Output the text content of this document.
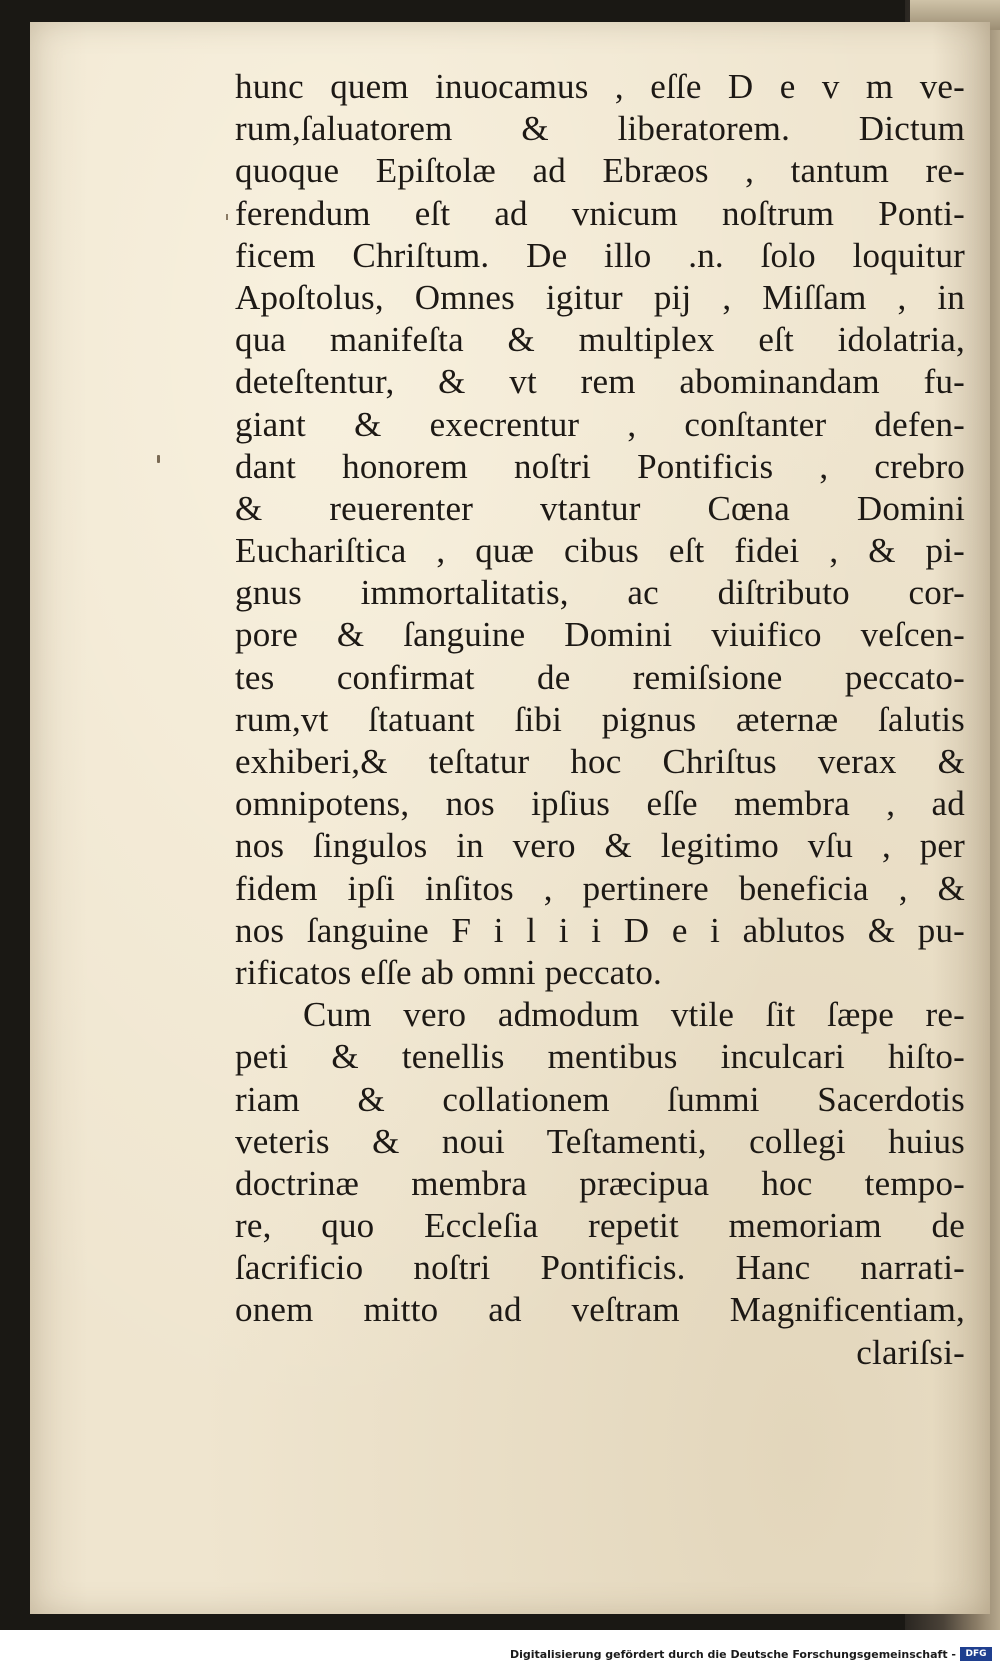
hunc quem inuocamus , eſſe D e v m ve-
rum,ſaluatorem & liberatorem. Dictum
quoque Epiſtolæ ad Ebræos , tantum re-
ferendum eſt ad vnicum noſtrum Ponti-
ficem Chriſtum. De illo .n. ſolo loquitur
Apoſtolus, Omnes igitur pij , Miſſam , in
qua manifeſta & multiplex eſt idolatria,
deteſtentur, & vt rem abominandam fu-
giant & execrentur , conſtanter defen-
dant honorem noſtri Pontificis , crebro
& reuerenter vtantur Cœna Domini
Euchariſtica , quæ cibus eſt fidei , & pi-
gnus immortalitatis, ac diſtributo cor-
pore & ſanguine Domini viuifico veſcen-
tes confirmat de remiſsione peccato-
rum,vt ſtatuant ſibi pignus æternæ ſalutis
exhiberi,& teſtatur hoc Chriſtus verax &
omnipotens, nos ipſius eſſe membra , ad
nos ſingulos in vero & legitimo vſu , per
fidem ipſi inſitos , pertinere beneficia , &
nos ſanguine F i l i i D e i ablutos & pu-
rificatos eſſe ab omni peccato.
Cum vero admodum vtile ſit ſæpe re-
peti & tenellis mentibus inculcari hiſto-
riam & collationem ſummi Sacerdotis
veteris & noui Teſtamenti, collegi huius
doctrinæ membra præcipua hoc tempo-
re, quo Eccleſia repetit memoriam de
ſacrificio noſtri Pontificis. Hanc narrati-
onem mitto ad veſtram Magnificentiam,
clariſsi-
Digitalisierung gefördert durch die Deutsche Forschungsgemeinschaft -	DFG
